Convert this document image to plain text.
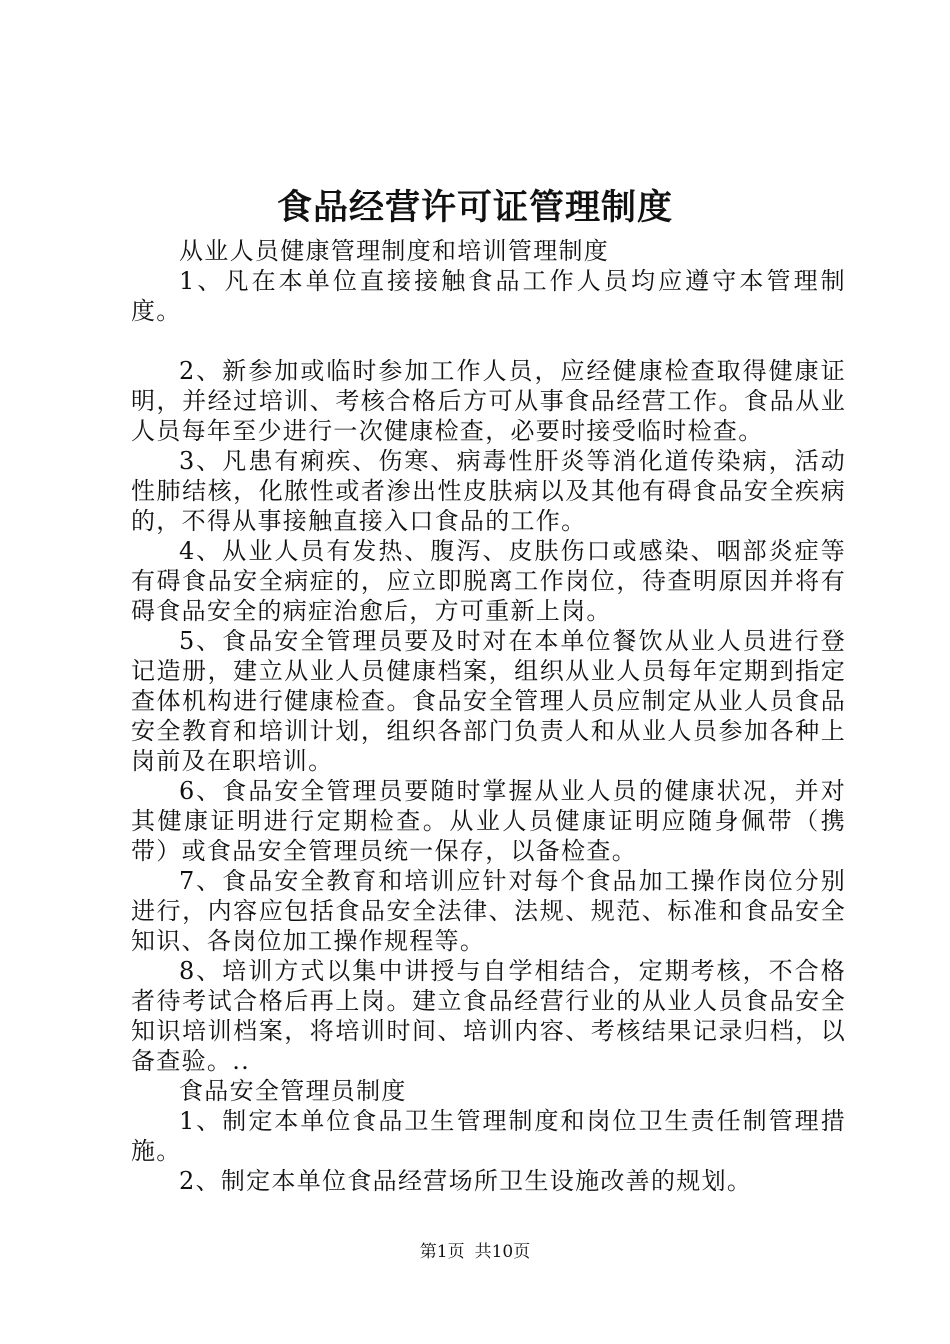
食品经营许可证管理制度

从业人员健康管理制度和培训管理制度

1、凡在本单位直接接触食品工作人员均应遵守本管理制度。

2、新参加或临时参加工作人员，应经健康检查取得健康证明，并经过培训、考核合格后方可从事食品经营工作。食品从业人员每年至少进行一次健康检查，必要时接受临时检查。

3、凡患有痢疾、伤寒、病毒性肝炎等消化道传染病，活动性肺结核，化脓性或者渗出性皮肤病以及其他有碍食品安全疾病的，不得从事接触直接入口食品的工作。

4、从业人员有发热、腹泻、皮肤伤口或感染、咽部炎症等有碍食品安全病症的，应立即脱离工作岗位，待查明原因并将有碍食品安全的病症治愈后，方可重新上岗。

5、食品安全管理员要及时对在本单位餐饮从业人员进行登记造册，建立从业人员健康档案，组织从业人员每年定期到指定查体机构进行健康检查。食品安全管理人员应制定从业人员食品安全教育和培训计划，组织各部门负责人和从业人员参加各种上岗前及在职培训。

6、食品安全管理员要随时掌握从业人员的健康状况，并对其健康证明进行定期检查。从业人员健康证明应随身佩带（携带）或食品安全管理员统一保存，以备检查。

7、食品安全教育和培训应针对每个食品加工操作岗位分别进行，内容应包括食品安全法律、法规、规范、标准和食品安全知识、各岗位加工操作规程等。

8、培训方式以集中讲授与自学相结合，定期考核，不合格者待考试合格后再上岗。建立食品经营行业的从业人员食品安全知识培训档案，将培训时间、培训内容、考核结果记录归档，以备查验。..

食品安全管理员制度

1、制定本单位食品卫生管理制度和岗位卫生责任制管理措施。

2、制定本单位食品经营场所卫生设施改善的规划。

第1页 共10页
